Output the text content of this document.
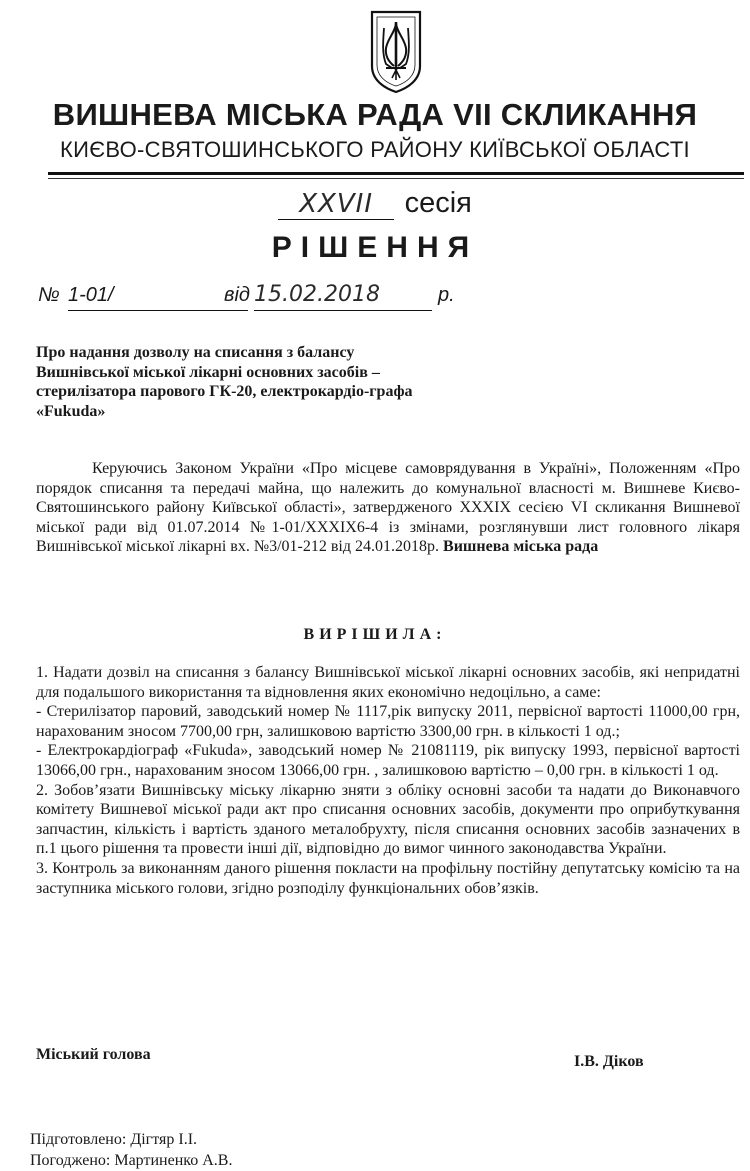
ВИШНЕВА МІСЬКА РАДА VII СКЛИКАННЯ
КИЄВО-СВЯТОШИНСЬКОГО РАЙОНУ КИЇВСЬКОЇ ОБЛАСТІ
XXVII сесія
РІШЕННЯ
№ 1-01/	від 15.02.2018	р.
Про надання дозволу на списання з балансу Вишнівської міської лікарні основних засобів – стерилізатора парового ГК-20, електрокардіо-графа «Fukuda»

Керуючись Законом України «Про місцеве самоврядування в Україні», Положенням «Про порядок списання та передачі майна, що належить до комунальної власності м. Вишневе Києво-Святошинського району Київської області», затвердженого XXXIX сесією VI скликання Вишневої міської ради від 01.07.2014 №1-01/XXXIX6-4 із змінами, розглянувши лист головного лікаря Вишнівської міської лікарні вх. №3/01-212 від 24.01.2018р. Вишнева міська рада

ВИРІШИЛА:

1. Надати дозвіл на списання з балансу Вишнівської міської лікарні основних засобів, які непридатні для подальшого використання та відновлення яких економічно недоцільно, а саме:

- Стерилізатор паровий, заводський номер № 1117,рік випуску 2011, первісної вартості 11000,00 грн, нарахованим зносом 7700,00 грн, залишковою вартістю 3300,00 грн. в кількості 1 од.;

- Електрокардіограф «Fukuda», заводський номер № 21081119, рік випуску 1993, первісної вартості 13066,00 грн., нарахованим зносом 13066,00 грн. , залишковою вартістю – 0,00 грн. в кількості 1 од.

2. Зобов’язати Вишнівську міську лікарню зняти з обліку основні засоби та надати до Виконавчого комітету Вишневої міської ради акт про списання основних засобів, документи про оприбуткування запчастин, кількість і вартість зданого металобрухту, після списання основних засобів зазначених в п.1 цього рішення та провести інші дії, відповідно до вимог чинного законодавства України.

3. Контроль за виконанням даного рішення покласти на профільну постійну депутатську комісію та на заступника міського голови, згідно розподілу функціональних обов’язків.

Міський голова	І.В. Діков
Підготовлено: Дігтяр І.І.
Погоджено: Мартиненко А.В.
